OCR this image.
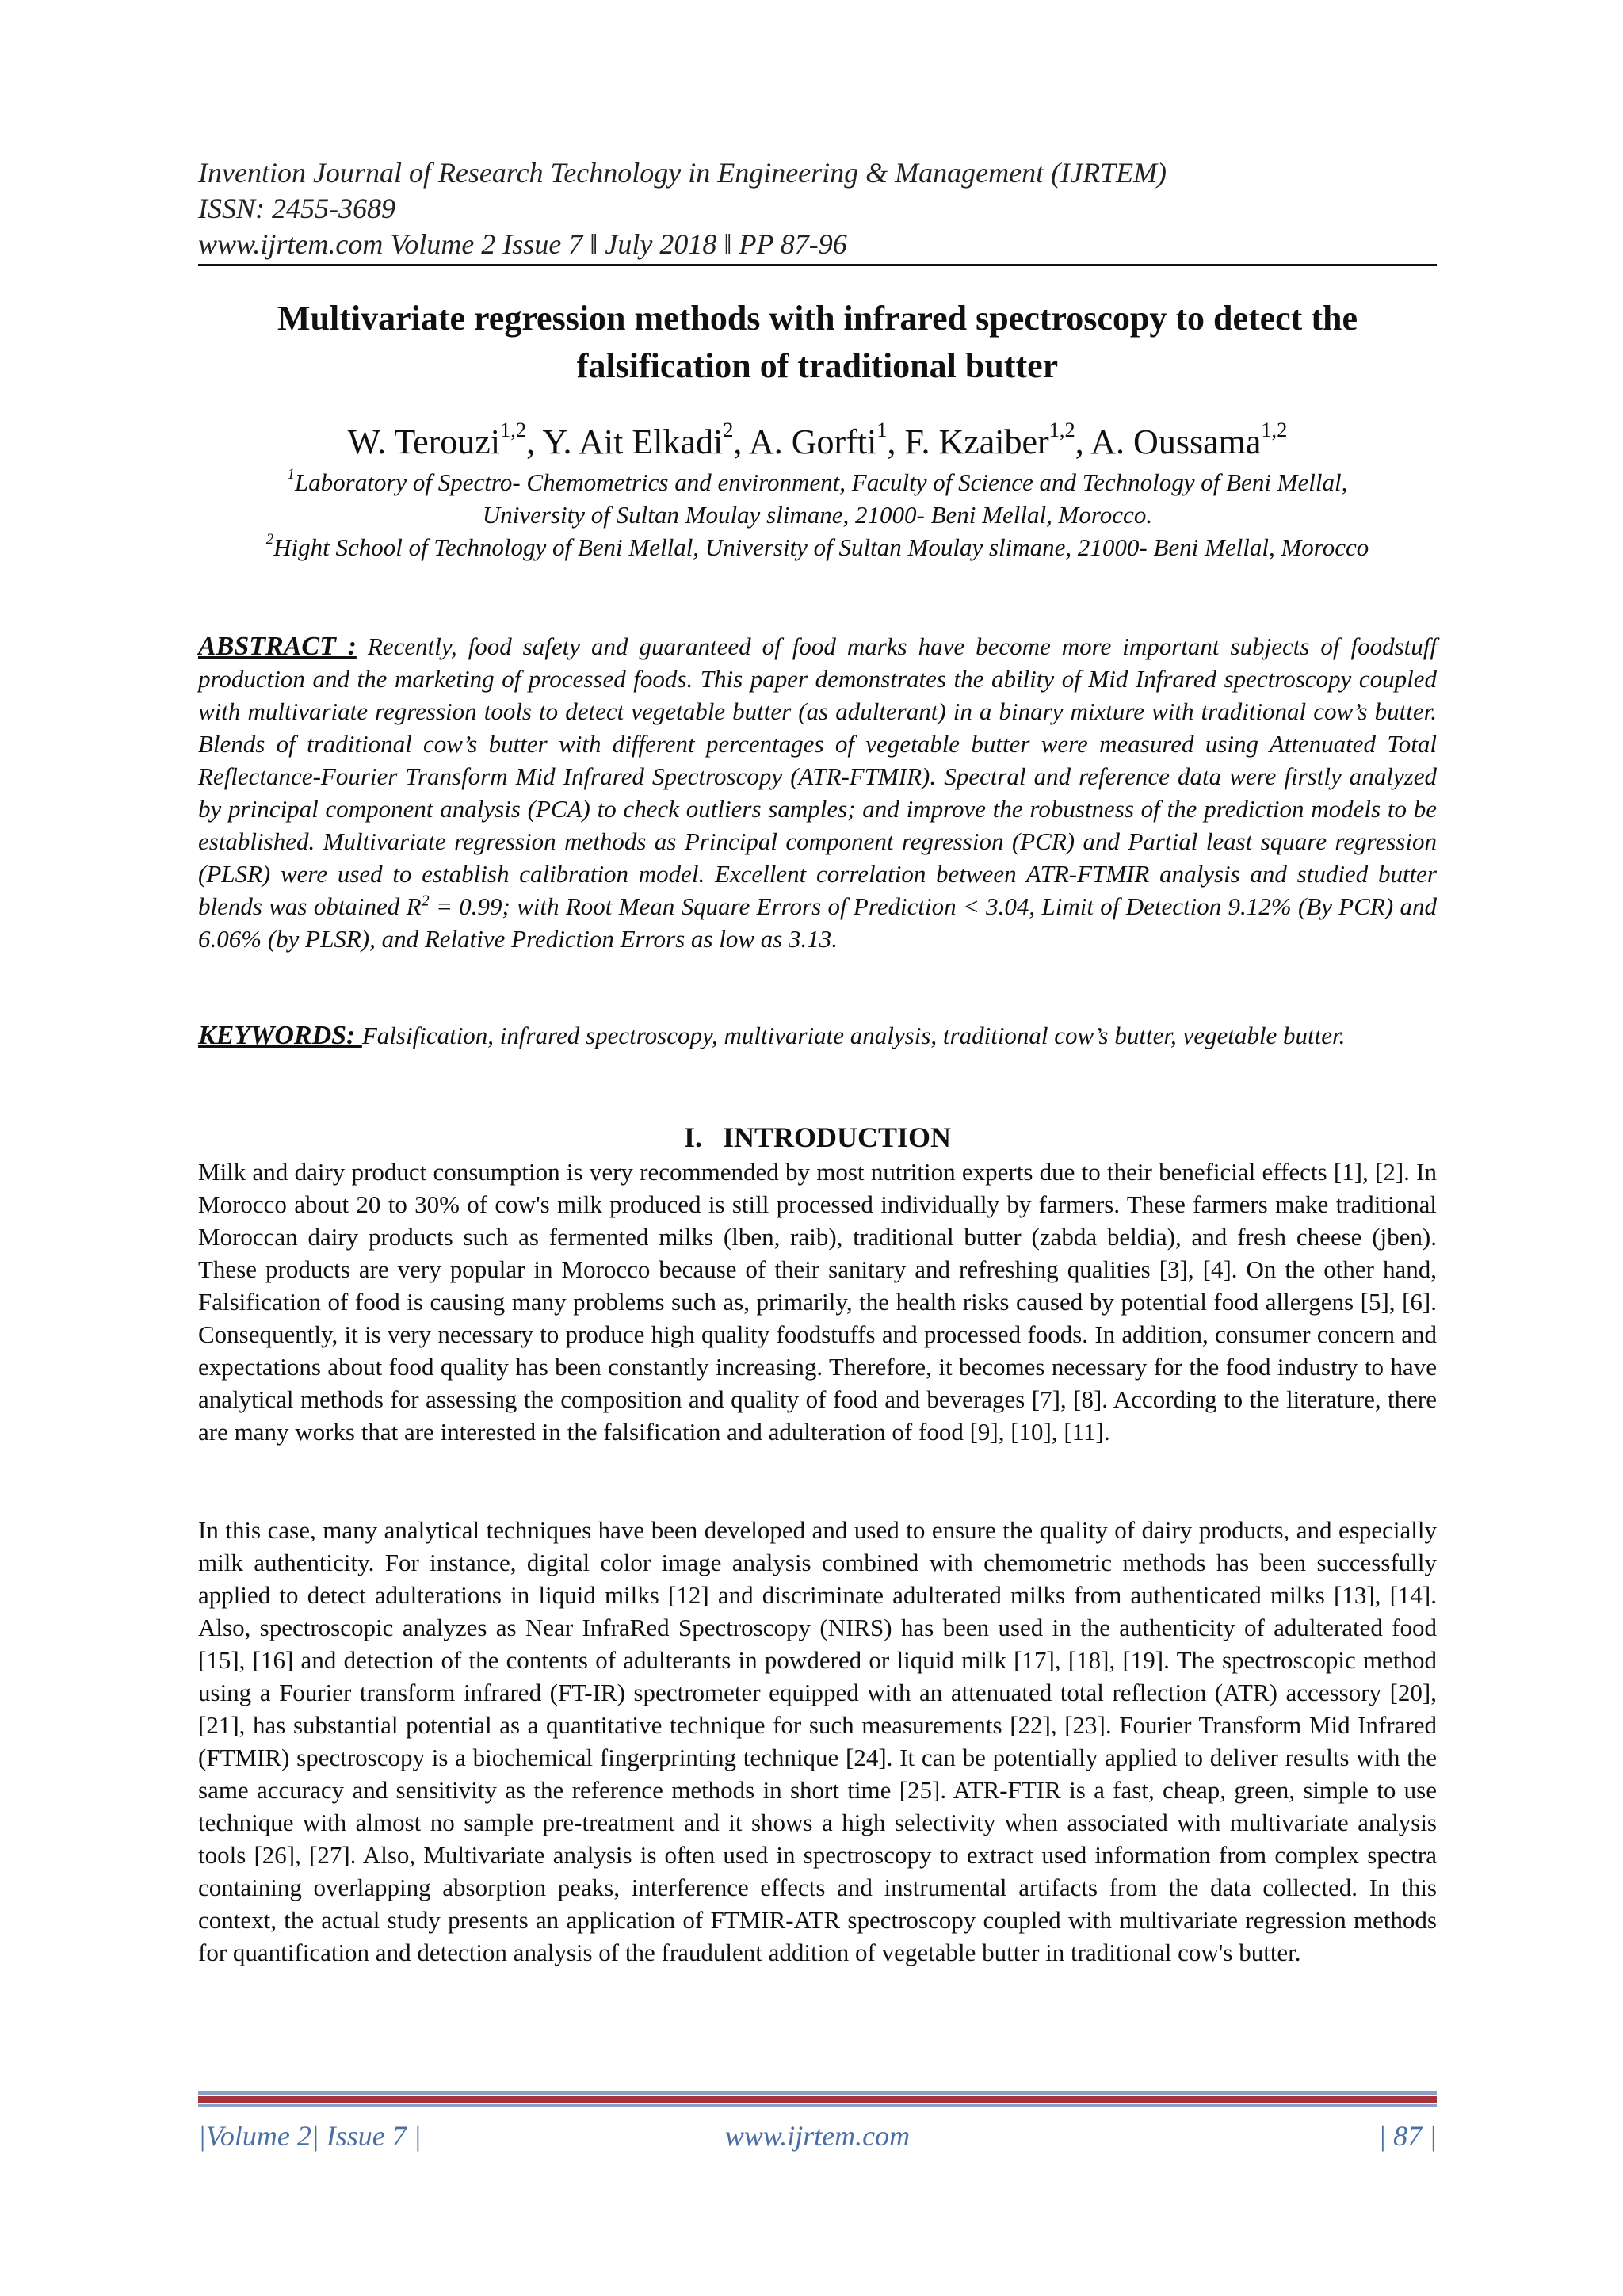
Invention Journal of Research Technology in Engineering & Management (IJRTEM)
ISSN: 2455-3689
www.ijrtem.com Volume 2 Issue 7 ǁ July 2018 ǁ PP 87-96
Multivariate regression methods with infrared spectroscopy to detect the
falsification of traditional butter
W. Terouzi$^{1,2}$, Y. Ait Elkadi$^2$, A. Gorfti$^1$, F. Kzaiber$^{1,2}$, A. Oussama$^{1,2}$
$^1$Laboratory of Spectro- Chemometrics and environment, Faculty of Science and Technology of Beni Mellal,
University of Sultan Moulay slimane, 21000- Beni Mellal, Morocco.
$^2$Hight School of Technology of Beni Mellal, University of Sultan Moulay slimane, 21000- Beni Mellal, Morocco
ABSTRACT : Recently, food safety and guaranteed of food marks have become more important subjects of foodstuff production and the marketing of processed foods. This paper demonstrates the ability of Mid Infrared spectroscopy coupled with multivariate regression tools to detect vegetable butter (as adulterant) in a binary mixture with traditional cow’s butter. Blends of traditional cow’s butter with different percentages of vegetable butter were measured using Attenuated Total Reflectance-Fourier Transform Mid Infrared Spectroscopy (ATR-FTMIR). Spectral and reference data were firstly analyzed by principal component analysis (PCA) to check outliers samples; and improve the robustness of the prediction models to be established. Multivariate regression methods as Principal component regression (PCR) and Partial least square regression (PLSR) were used to establish calibration model. Excellent correlation between ATR-FTMIR analysis and studied butter blends was obtained $R^2 = 0.99$; with Root Mean Square Errors of Prediction < 3.04, Limit of Detection 9.12% (By PCR) and 6.06% (by PLSR), and Relative Prediction Errors as low as 3.13.
KEYWORDS: Falsification, infrared spectroscopy, multivariate analysis, traditional cow’s butter, vegetable butter.
I. INTRODUCTION

Milk and dairy product consumption is very recommended by most nutrition experts due to their beneficial effects [1], [2]. In Morocco about 20 to 30% of cow's milk produced is still processed individually by farmers. These farmers make traditional Moroccan dairy products such as fermented milks (lben, raib), traditional butter (zabda beldia), and fresh cheese (jben). These products are very popular in Morocco because of their sanitary and refreshing qualities [3], [4]. On the other hand, Falsification of food is causing many problems such as, primarily, the health risks caused by potential food allergens [5], [6]. Consequently, it is very necessary to produce high quality foodstuffs and processed foods. In addition, consumer concern and expectations about food quality has been constantly increasing. Therefore, it becomes necessary for the food industry to have analytical methods for assessing the composition and quality of food and beverages [7], [8]. According to the literature, there are many works that are interested in the falsification and adulteration of food [9], [10], [11].

In this case, many analytical techniques have been developed and used to ensure the quality of dairy products, and especially milk authenticity. For instance, digital color image analysis combined with chemometric methods has been successfully applied to detect adulterations in liquid milks [12] and discriminate adulterated milks from authenticated milks [13], [14]. Also, spectroscopic analyzes as Near InfraRed Spectroscopy (NIRS) has been used in the authenticity of adulterated food [15], [16] and detection of the contents of adulterants in powdered or liquid milk [17], [18], [19]. The spectroscopic method using a Fourier transform infrared (FT-IR) spectrometer equipped with an attenuated total reflection (ATR) accessory [20], [21], has substantial potential as a quantitative technique for such measurements [22], [23]. Fourier Transform Mid Infrared (FTMIR) spectroscopy is a biochemical fingerprinting technique [24]. It can be potentially applied to deliver results with the same accuracy and sensitivity as the reference methods in short time [25]. ATR-FTIR is a fast, cheap, green, simple to use technique with almost no sample pre-treatment and it shows a high selectivity when associated with multivariate analysis tools [26], [27]. Also, Multivariate analysis is often used in spectroscopy to extract used information from complex spectra containing overlapping absorption peaks, interference effects and instrumental artifacts from the data collected. In this context, the actual study presents an application of FTMIR-ATR spectroscopy coupled with multivariate regression methods for quantification and detection analysis of the fraudulent addition of vegetable butter in traditional cow's butter.

|Volume 2| Issue 7 |	www.ijrtem.com	| 87 |
